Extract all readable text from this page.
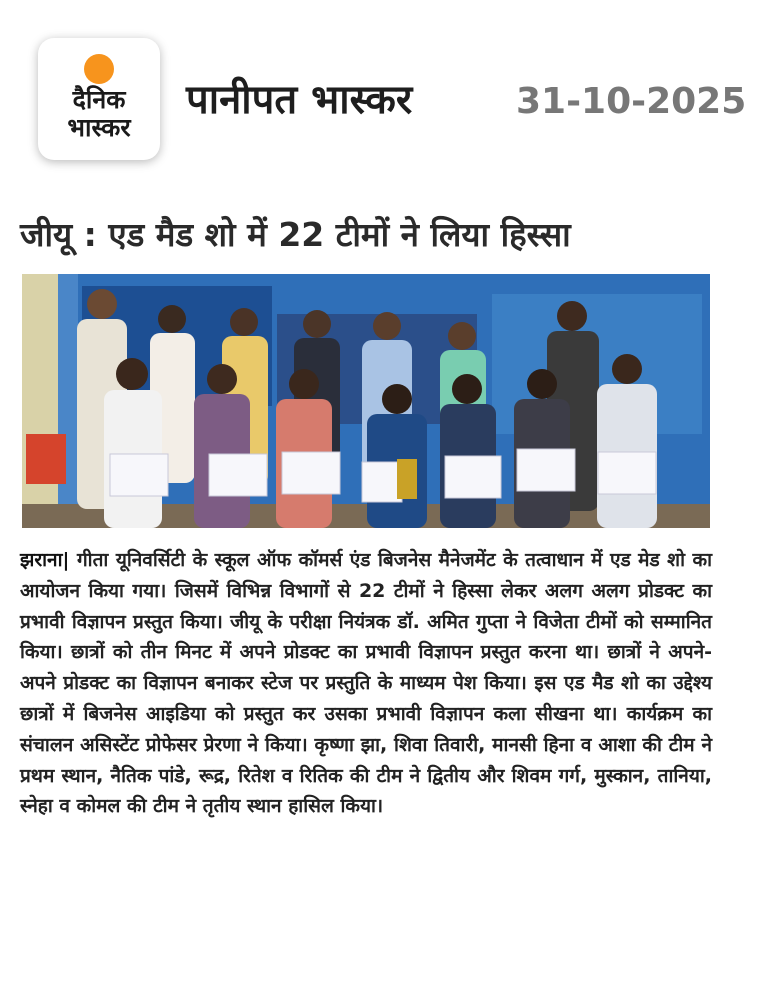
दैनिक
भास्कर
पानीपत भास्कर	31-10-2025
जीयू : एड मैड शो में 22 टीमों ने लिया हिस्सा

झराना| गीता यूनिवर्सिटी के स्कूल ऑफ कॉमर्स एंड बिजनेस मैनेजमेंट के तत्वाधान में एड मेड शो का आयोजन किया गया। जिसमें विभिन्न विभागों से 22 टीमों ने हिस्सा लेकर अलग अलग प्रोडक्ट का प्रभावी विज्ञापन प्रस्तुत किया। जीयू के परीक्षा नियंत्रक डॉ. अमित गुप्ता ने विजेता टीमों को सम्मानित किया। छात्रों को तीन मिनट में अपने प्रोडक्ट का प्रभावी विज्ञापन प्रस्तुत करना था। छात्रों ने अपने-अपने प्रोडक्ट का विज्ञापन बनाकर स्टेज पर प्रस्तुति के माध्यम पेश किया। इस एड मैड शो का उद्देश्य छात्रों में बिजनेस आइडिया को प्रस्तुत कर उसका प्रभावी विज्ञापन कला सीखना था। कार्यक्रम का संचालन असिस्टेंट प्रोफेसर प्रेरणा ने किया। कृष्णा झा, शिवा तिवारी, मानसी हिना व आशा की टीम ने प्रथम स्थान, नैतिक पांडे, रूद्र, रितेश व रितिक की टीम ने द्वितीय और शिवम गर्ग, मुस्कान, तानिया, स्नेहा व कोमल की टीम ने तृतीय स्थान हासिल किया।
